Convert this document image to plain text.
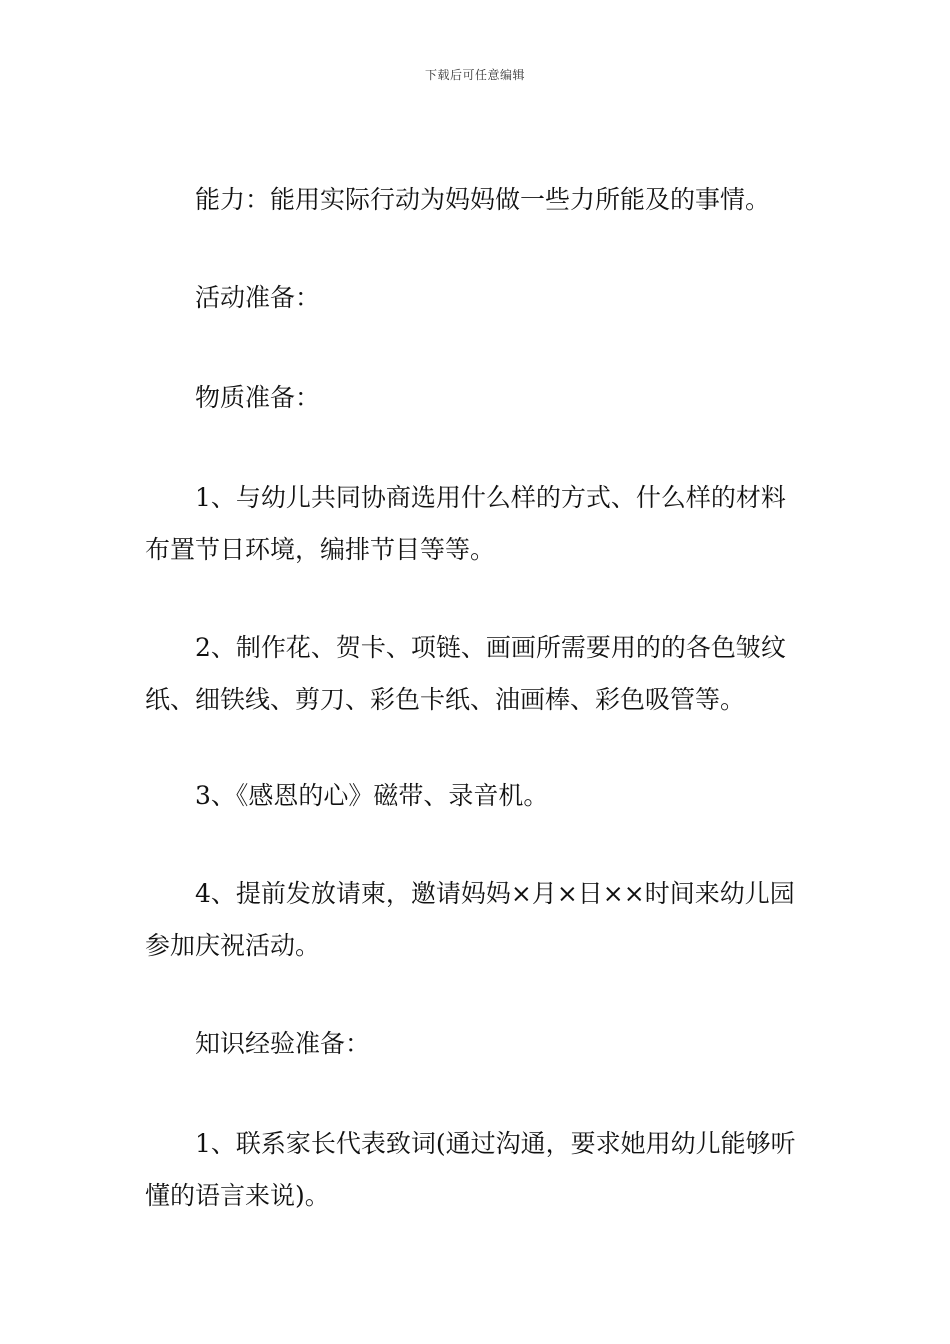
下载后可任意编辑

能力：能用实际行动为妈妈做一些力所能及的事情。

活动准备：

物质准备：

1、与幼儿共同协商选用什么样的方式、什么样的材料布置节日环境，编排节目等等。

2、制作花、贺卡、项链、画画所需要用的的各色皱纹纸、细铁线、剪刀、彩色卡纸、油画棒、彩色吸管等。

3、《感恩的心》磁带、录音机。

4、提前发放请柬，邀请妈妈×月×日××时间来幼儿园参加庆祝活动。

知识经验准备：

1、联系家长代表致词(通过沟通，要求她用幼儿能够听懂的语言来说)。
